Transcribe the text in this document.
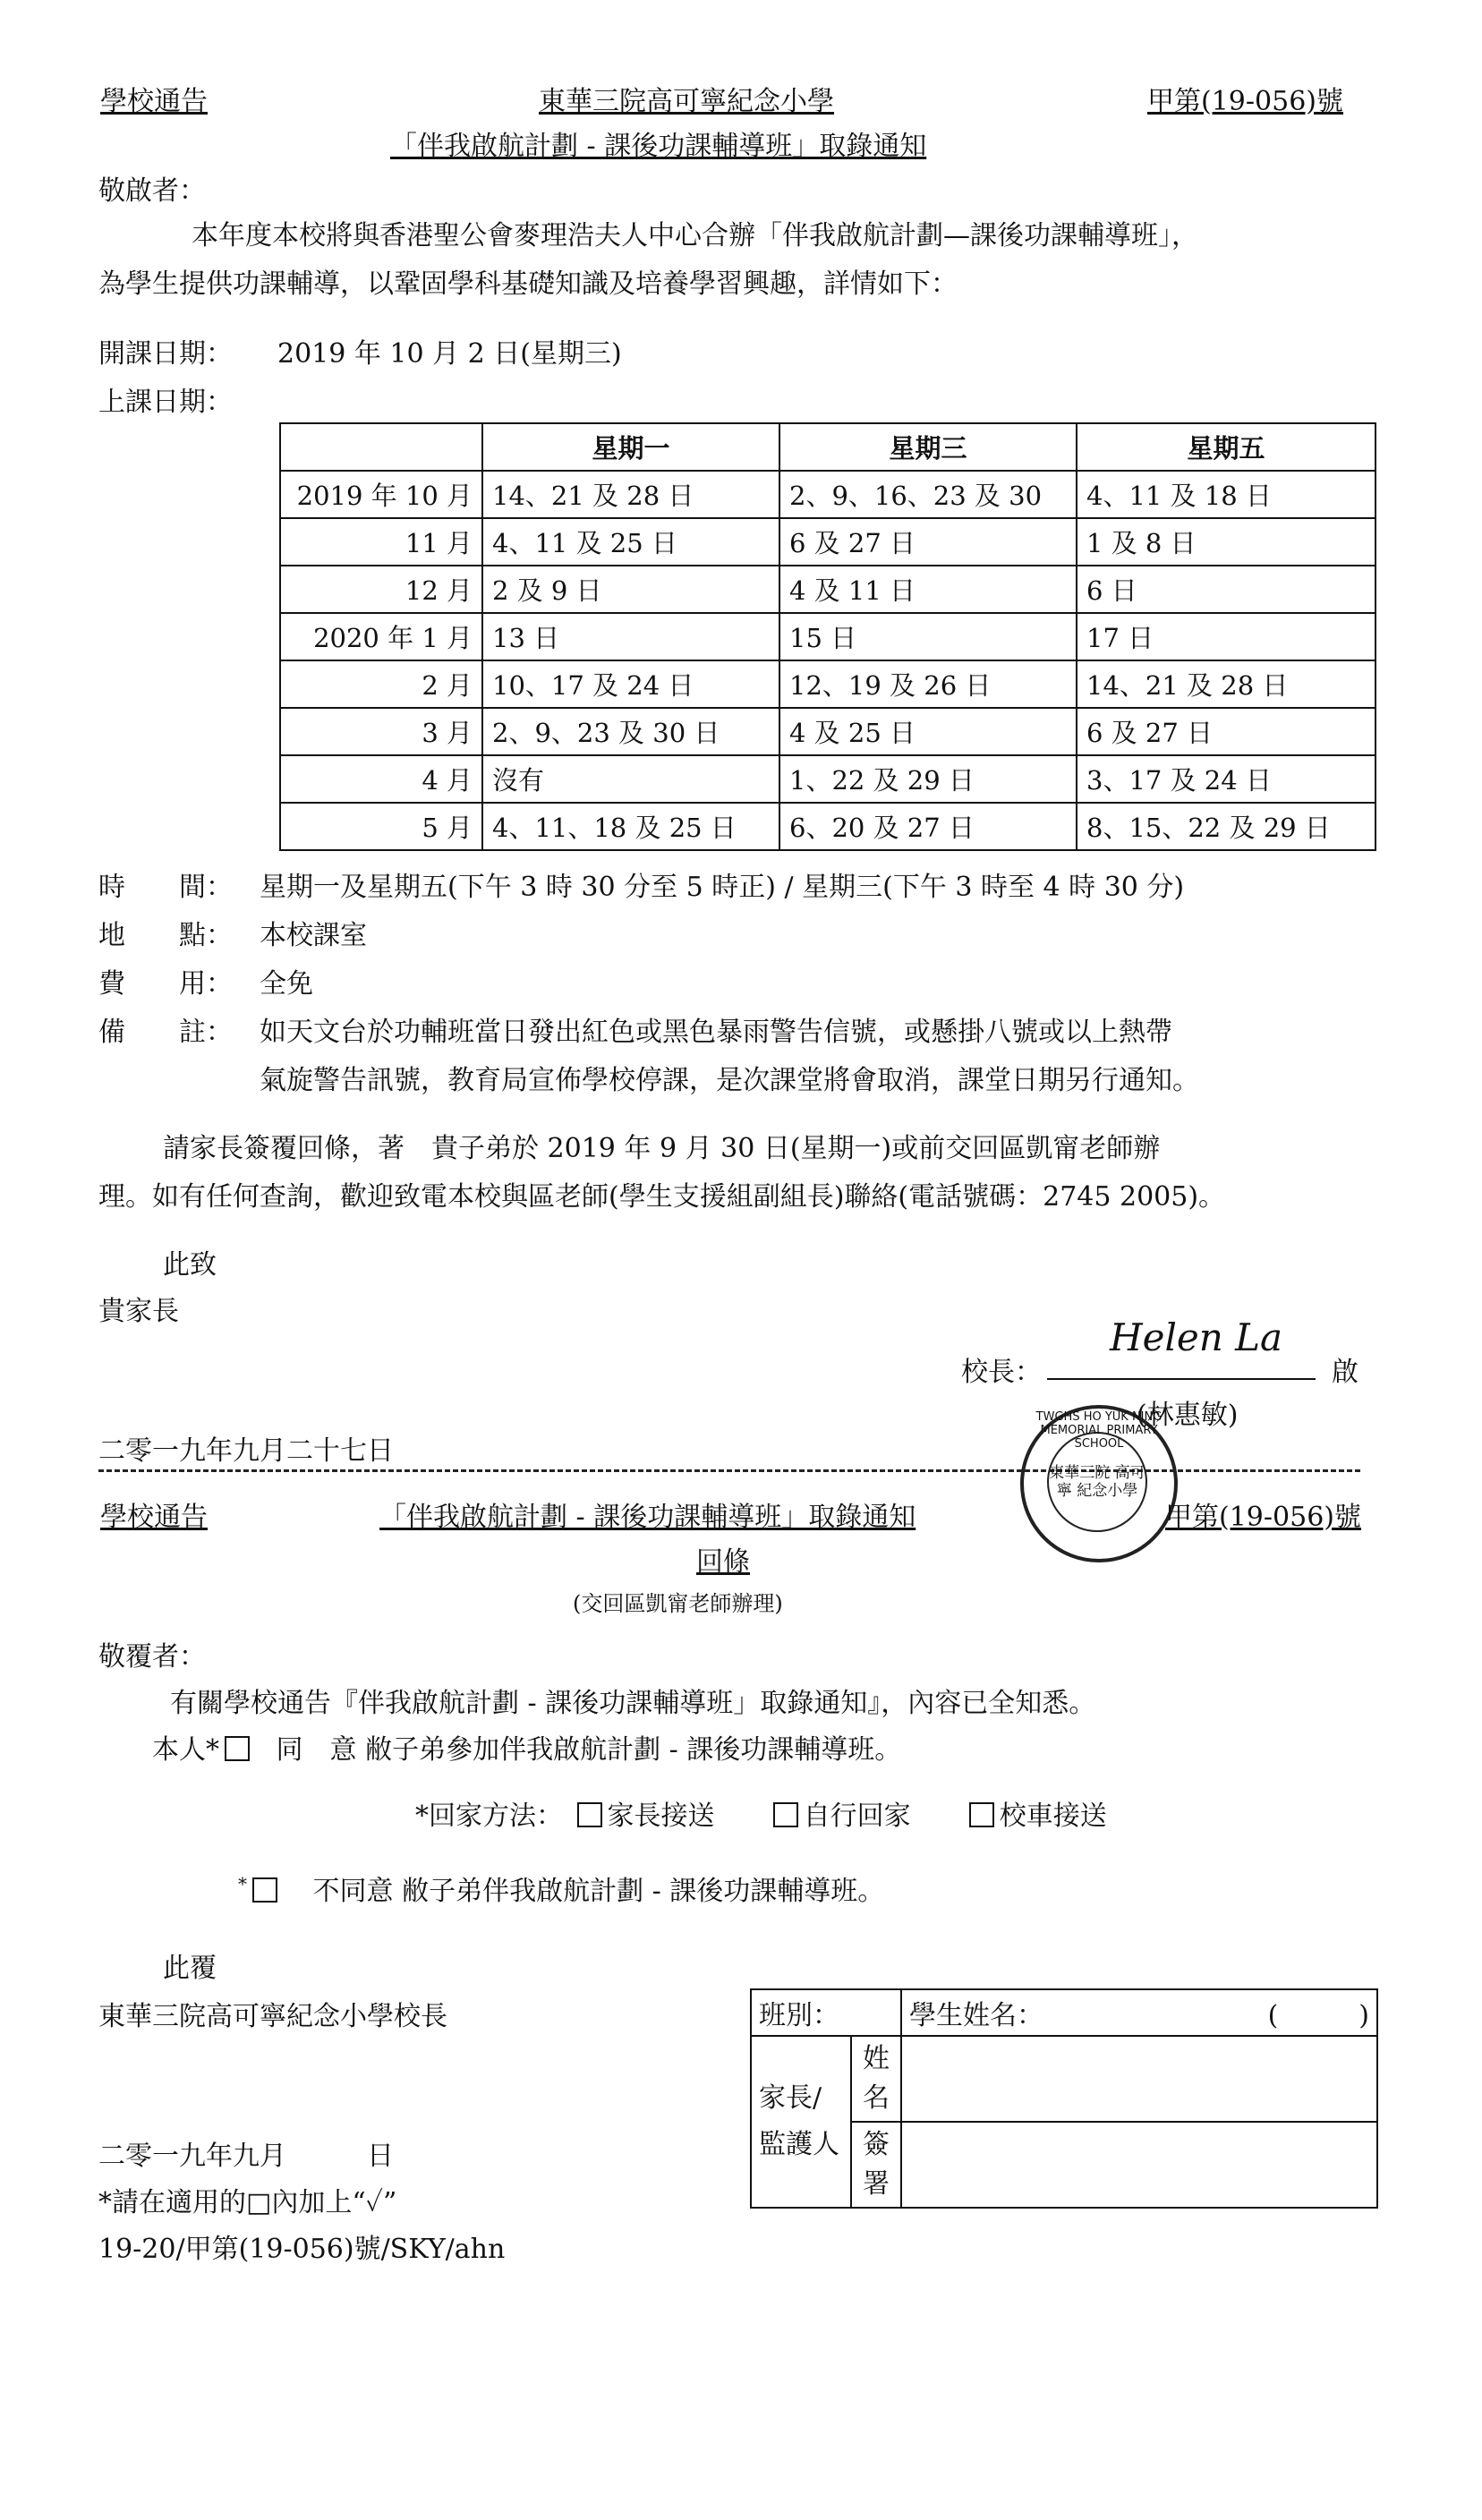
學校通告	東華三院高可寧紀念小學	甲第(19-056)號
「伴我啟航計劃 - 課後功課輔導班」取錄通知
敬啟者：
本年度本校將與香港聖公會麥理浩夫人中心合辦「伴我啟航計劃—課後功課輔導班」，
為學生提供功課輔導，以鞏固學科基礎知識及培養學習興趣，詳情如下：
開課日期： 2019 年 10 月 2 日(星期三)
上課日期：
	星期一	星期三	星期五
2019 年 10 月	14、21 及 28 日	2、9、16、23 及 30	4、11 及 18 日
11 月	4、11 及 25 日	6 及 27 日	1 及 8 日
12 月	2 及 9 日	4 及 11 日	6 日
2020 年 1 月	13 日	15 日	17 日
2 月	10、17 及 24 日	12、19 及 26 日	14、21 及 28 日
3 月	2、9、23 及 30 日	4 及 25 日	6 及 27 日
4 月	沒有	1、22 及 29 日	3、17 及 24 日
5 月	4、11、18 及 25 日	6、20 及 27 日	8、15、22 及 29 日
時　　間： 星期一及星期五(下午 3 時 30 分至 5 時正) / 星期三(下午 3 時至 4 時 30 分)
地　　點： 本校課室
費　　用： 全免
備　　註： 如天文台於功輔班當日發出紅色或黑色暴雨警告信號，或懸掛八號或以上熱帶
氣旋警告訊號，教育局宣佈學校停課，是次課堂將會取消，課堂日期另行通知。
請家長簽覆回條，著　貴子弟於 2019 年 9 月 30 日(星期一)或前交回區凱甯老師辦
理。如有任何查詢，歡迎致電本校與區老師(學生支援組副組長)聯絡(電話號碼：2745 2005)。
此致
貴家長
校長：
Helen La
啟
(林惠敏)
二零一九年九月二十七日
東華三院 高可寧 紀念小學
TWGHS HO YUK NING MEMORIAL PRIMARY SCHOOL
學校通告	「伴我啟航計劃 - 課後功課輔導班」取錄通知	甲第(19-056)號
回條
(交回區凱甯老師辦理)
敬覆者：
有關學校通告『伴我啟航計劃 - 課後功課輔導班」取錄通知』，內容已全知悉。
本人* 同　意 敝子弟參加伴我啟航計劃 - 課後功課輔導班。
*回家方法： 家長接送	自行回家	校車接送
* 不同意 敝子弟伴我啟航計劃 - 課後功課輔導班。
此覆
東華三院高可寧紀念小學校長
二零一九年九月　　　日
*請在適用的□內加上“✓”
19-20/甲第(19-056)號/SKY/ahn
班別：		學生姓名： (　　　)

家長/監護人	姓名	
	簽署	
